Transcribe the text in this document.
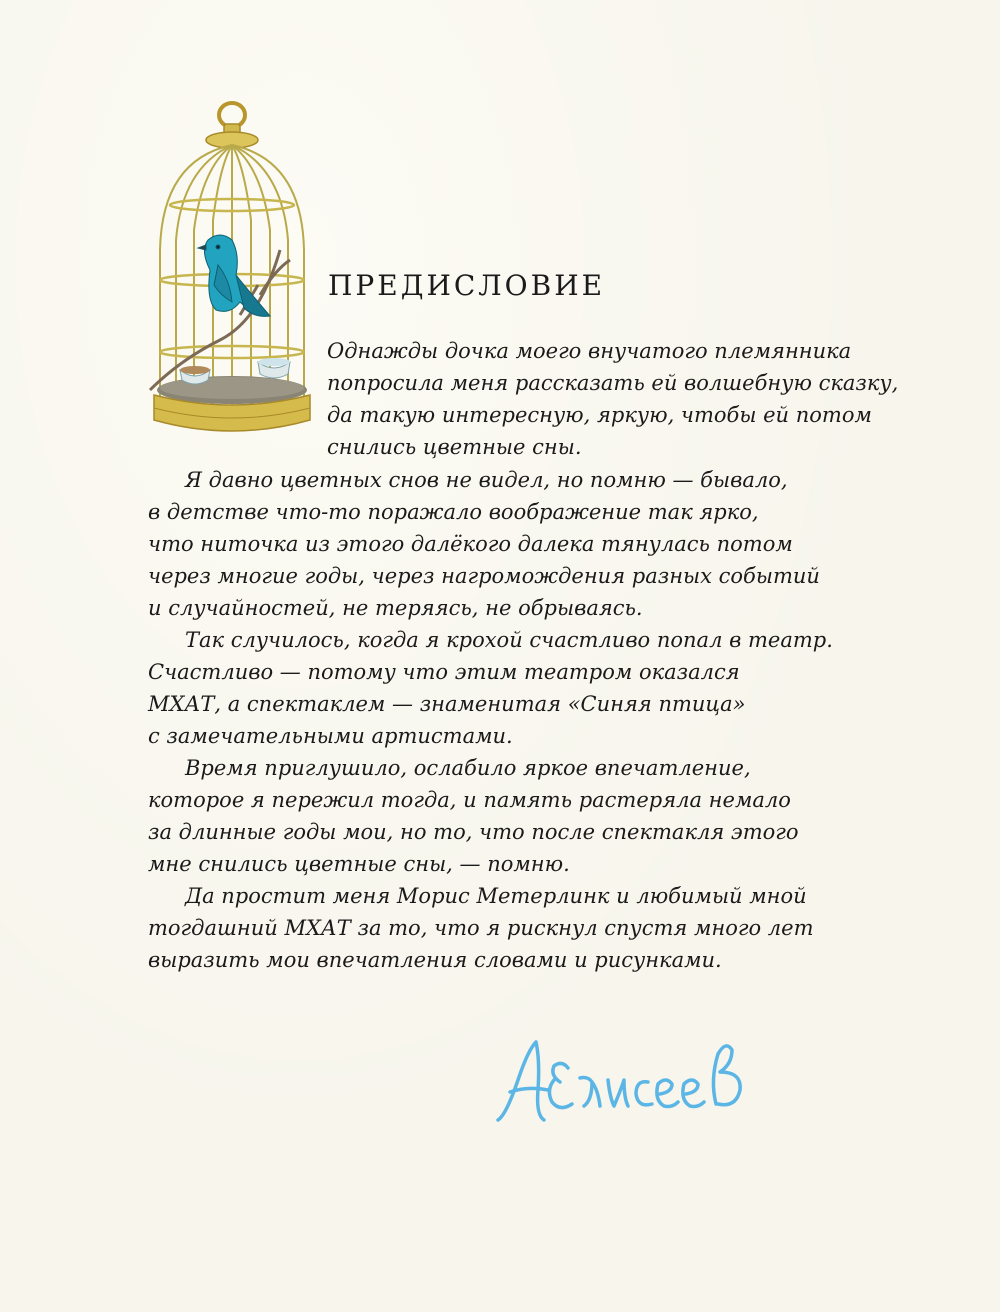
ПРЕДИСЛОВИЕ

Однажды дочка моего внучатого племянника

попросила меня рассказать ей волшебную сказку,

да такую интересную, яркую, чтобы ей потом

снились цветные сны.

Я давно цветных снов не видел, но помню — бывало,

в детстве что-то поражало воображение так ярко,

что ниточка из этого далёкого далека тянулась потом

через многие годы, через нагромождения разных событий

и случайностей, не теряясь, не обрываясь.

Так случилось, когда я крохой счастливо попал в театр.

Счастливо — потому что этим театром оказался

МХАТ, а спектаклем — знаменитая «Синяя птица»

с замечательными артистами.

Время приглушило, ослабило яркое впечатление,

которое я пережил тогда, и память растеряла немало

за длинные годы мои, но то, что после спектакля этого

мне снились цветные сны, — помню.

Да простит меня Морис Метерлинк и любимый мной

тогдашний МХАТ за то, что я рискнул спустя много лет

выразить мои впечатления словами и рисунками.
